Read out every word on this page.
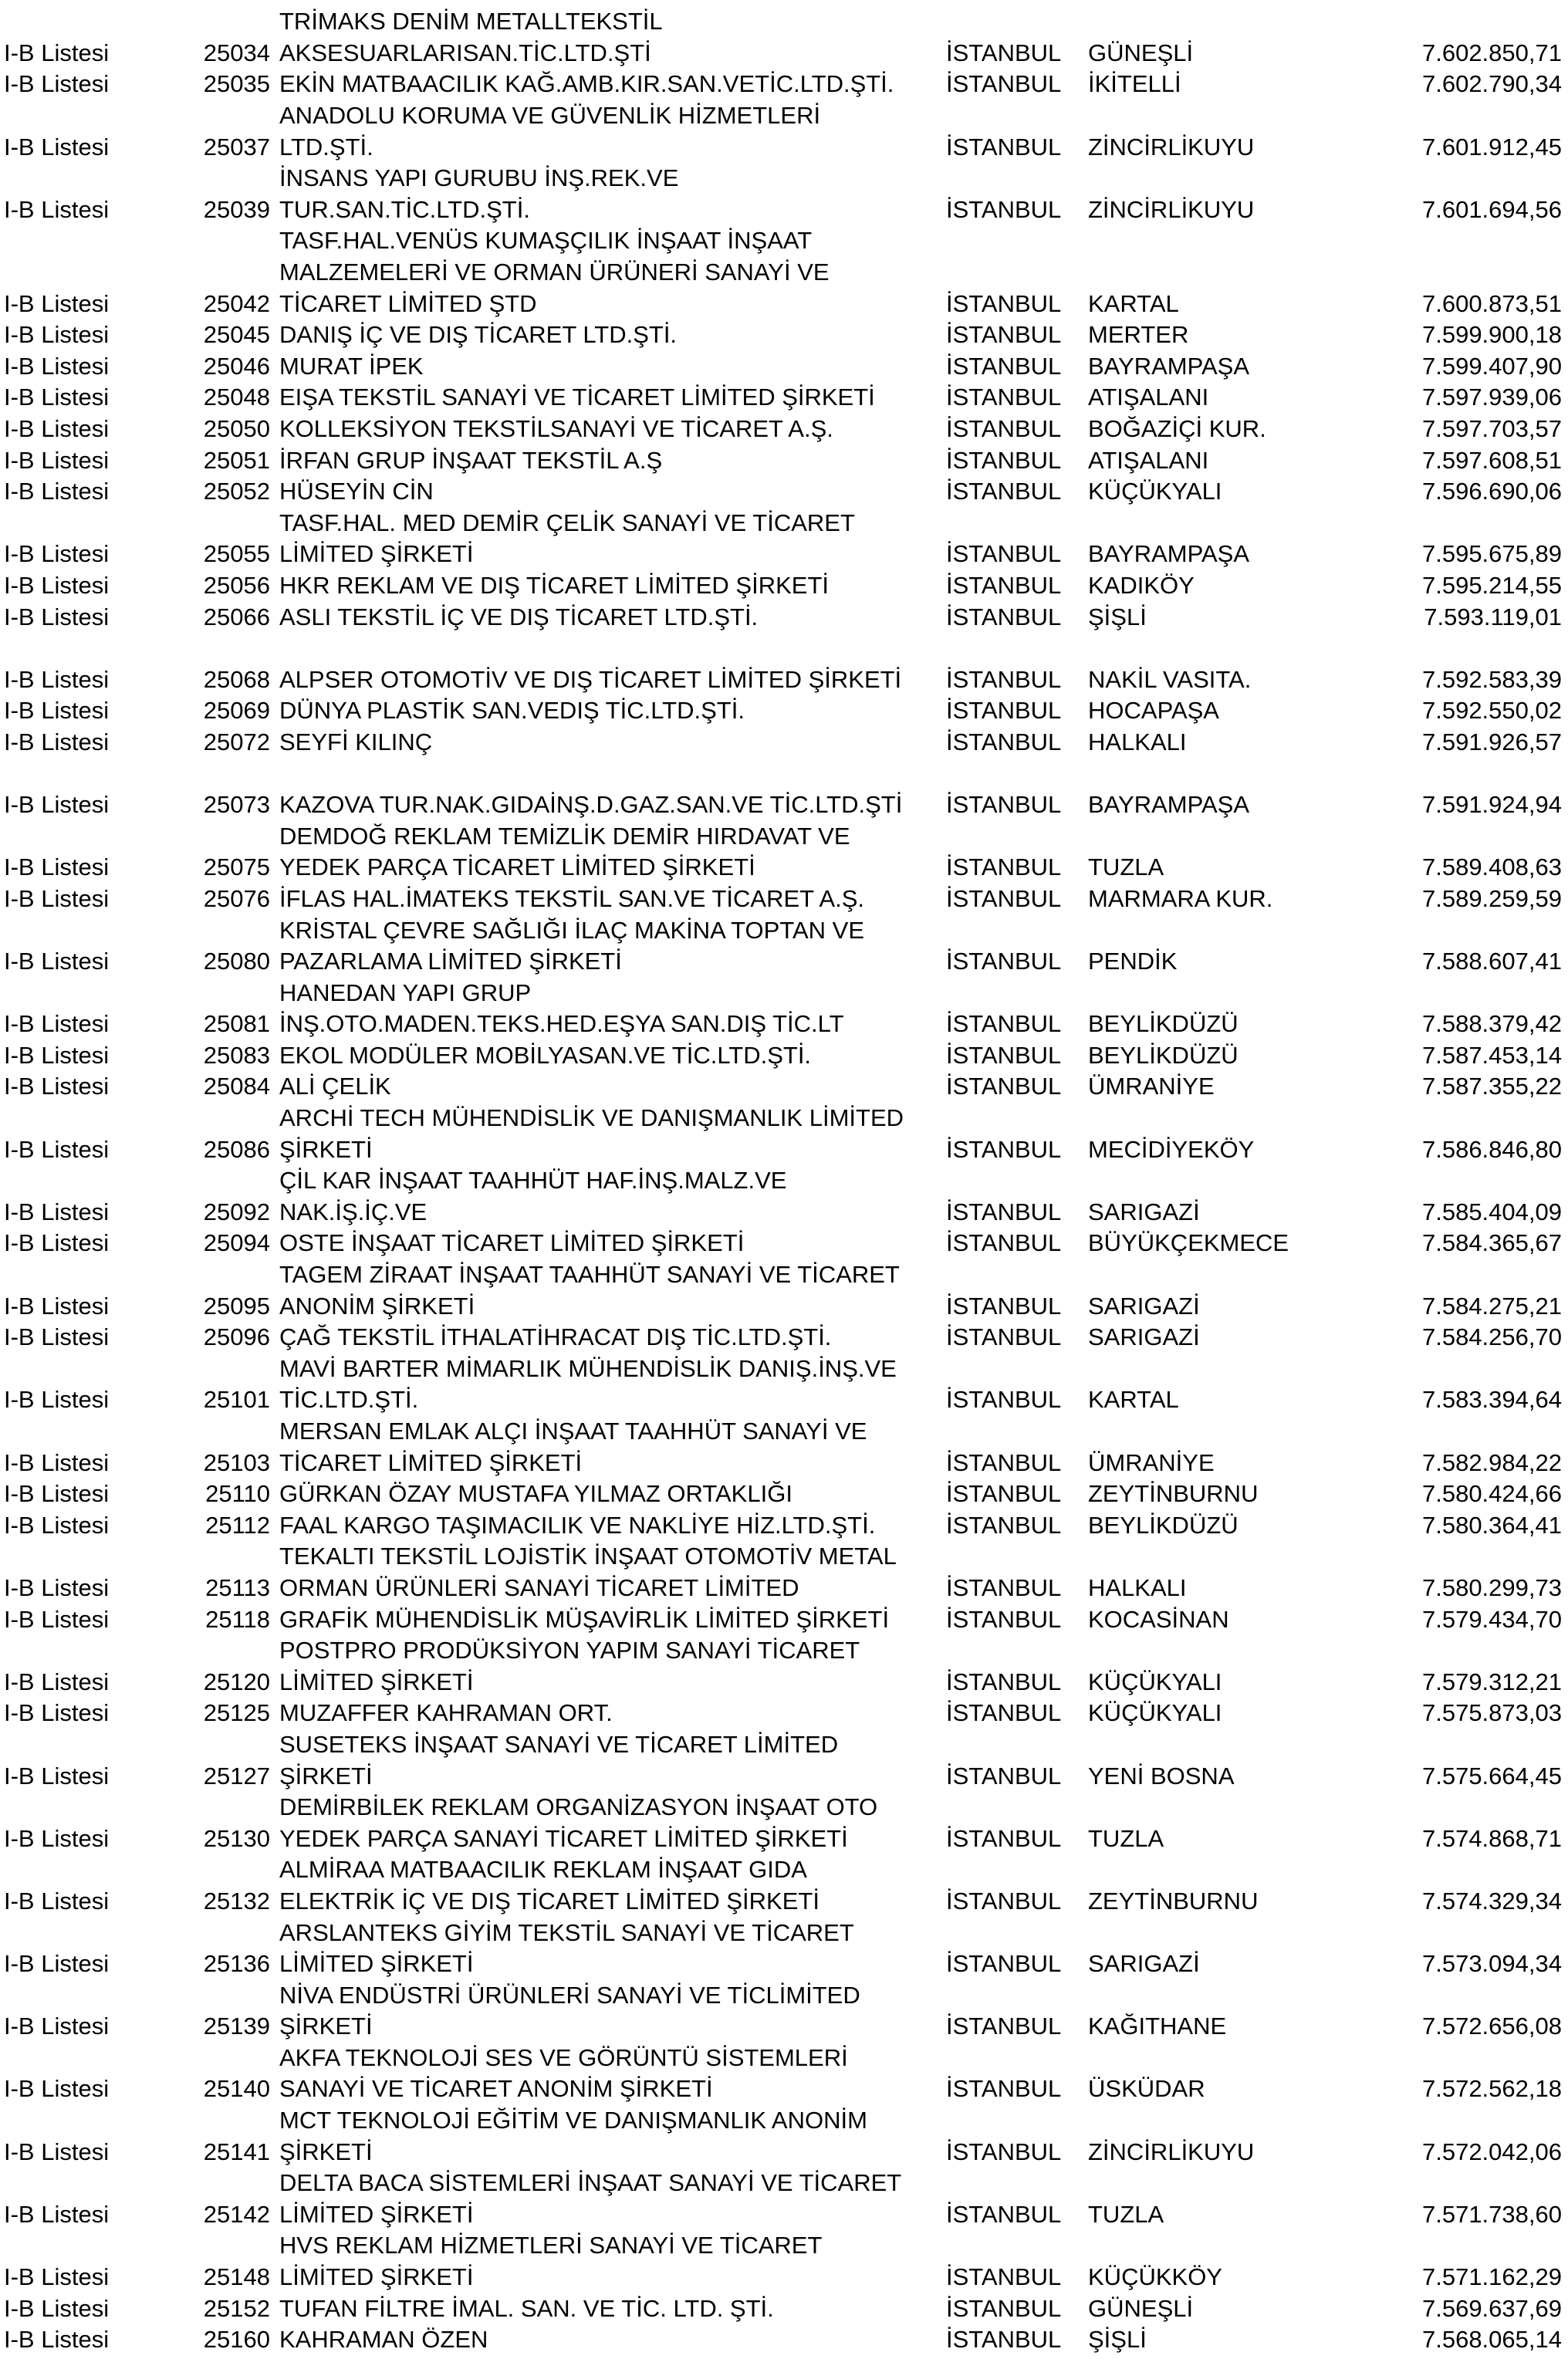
TRİMAKS DENİM METALLTEKSTİL
I-B Listesi	25034 AKSESUARLARISAN.TİC.LTD.ŞTİ	İSTANBUL	GÜNEŞLİ	7.602.850,71
I-B Listesi	25035 EKİN MATBAACILIK KAĞ.AMB.KIR.SAN.VETİC.LTD.ŞTİ.	İSTANBUL	İKİTELLİ	7.602.790,34
ANADOLU KORUMA VE GÜVENLİK HİZMETLERİ
I-B Listesi	25037 LTD.ŞTİ.	İSTANBUL	ZİNCİRLİKUYU	7.601.912,45
İNSANS YAPI GURUBU İNŞ.REK.VE
I-B Listesi	25039 TUR.SAN.TİC.LTD.ŞTİ.	İSTANBUL	ZİNCİRLİKUYU	7.601.694,56
TASF.HAL.VENÜS KUMAŞÇILIK İNŞAAT İNŞAAT
MALZEMELERİ VE ORMAN ÜRÜNERİ SANAYİ VE
I-B Listesi	25042 TİCARET LİMİTED ŞTD	İSTANBUL	KARTAL	7.600.873,51
I-B Listesi	25045 DANIŞ İÇ VE DIŞ TİCARET LTD.ŞTİ.	İSTANBUL	MERTER	7.599.900,18
I-B Listesi	25046 MURAT İPEK	İSTANBUL	BAYRAMPAŞA	7.599.407,90
I-B Listesi	25048 EIŞA TEKSTİL SANAYİ VE TİCARET LİMİTED ŞİRKETİ	İSTANBUL	ATIŞALANI	7.597.939,06
I-B Listesi	25050 KOLLEKSİYON TEKSTİLSANAYİ VE TİCARET A.Ş.	İSTANBUL	BOĞAZİÇİ KUR.	7.597.703,57
I-B Listesi	25051 İRFAN GRUP İNŞAAT TEKSTİL A.Ş	İSTANBUL	ATIŞALANI	7.597.608,51
I-B Listesi	25052 HÜSEYİN CİN	İSTANBUL	KÜÇÜKYALI	7.596.690,06
TASF.HAL. MED DEMİR ÇELİK SANAYİ VE TİCARET
I-B Listesi	25055 LİMİTED ŞİRKETİ	İSTANBUL	BAYRAMPAŞA	7.595.675,89
I-B Listesi	25056 HKR REKLAM VE DIŞ TİCARET LİMİTED ŞİRKETİ	İSTANBUL	KADIKÖY	7.595.214,55
I-B Listesi	25066 ASLI TEKSTİL İÇ VE DIŞ TİCARET LTD.ŞTİ.	İSTANBUL	ŞİŞLİ	7.593.119,01
I-B Listesi	25068 ALPSER OTOMOTİV VE DIŞ TİCARET LİMİTED ŞİRKETİ	İSTANBUL	NAKİL VASITA.	7.592.583,39
I-B Listesi	25069 DÜNYA PLASTİK SAN.VEDIŞ TİC.LTD.ŞTİ.	İSTANBUL	HOCAPAŞA	7.592.550,02
I-B Listesi	25072 SEYFİ KILINÇ	İSTANBUL	HALKALI	7.591.926,57
I-B Listesi	25073 KAZOVA TUR.NAK.GIDAİNŞ.D.GAZ.SAN.VE TİC.LTD.ŞTİ	İSTANBUL	BAYRAMPAŞA	7.591.924,94
DEMDOĞ REKLAM TEMİZLİK DEMİR HIRDAVAT VE
I-B Listesi	25075 YEDEK PARÇA TİCARET LİMİTED ŞİRKETİ	İSTANBUL	TUZLA	7.589.408,63
I-B Listesi	25076 İFLAS HAL.İMATEKS TEKSTİL SAN.VE TİCARET A.Ş.	İSTANBUL	MARMARA KUR.	7.589.259,59
KRİSTAL ÇEVRE SAĞLIĞI İLAÇ MAKİNA TOPTAN VE
I-B Listesi	25080 PAZARLAMA LİMİTED ŞİRKETİ	İSTANBUL	PENDİK	7.588.607,41
HANEDAN YAPI GRUP
I-B Listesi	25081 İNŞ.OTO.MADEN.TEKS.HED.EŞYA SAN.DIŞ TİC.LT	İSTANBUL	BEYLİKDÜZÜ	7.588.379,42
I-B Listesi	25083 EKOL MODÜLER MOBİLYASAN.VE TİC.LTD.ŞTİ.	İSTANBUL	BEYLİKDÜZÜ	7.587.453,14
I-B Listesi	25084 ALİ ÇELİK	İSTANBUL	ÜMRANİYE	7.587.355,22
ARCHİ TECH MÜHENDİSLİK VE DANIŞMANLIK LİMİTED
I-B Listesi	25086 ŞİRKETİ	İSTANBUL	MECİDİYEKÖY	7.586.846,80
ÇİL KAR İNŞAAT TAAHHÜT HAF.İNŞ.MALZ.VE
I-B Listesi	25092 NAK.İŞ.İÇ.VE	İSTANBUL	SARIGAZİ	7.585.404,09
I-B Listesi	25094 OSTE İNŞAAT TİCARET LİMİTED ŞİRKETİ	İSTANBUL	BÜYÜKÇEKMECE	7.584.365,67
TAGEM ZİRAAT İNŞAAT TAAHHÜT SANAYİ VE TİCARET
I-B Listesi	25095 ANONİM ŞİRKETİ	İSTANBUL	SARIGAZİ	7.584.275,21
I-B Listesi	25096 ÇAĞ TEKSTİL İTHALATİHRACAT DIŞ TİC.LTD.ŞTİ.	İSTANBUL	SARIGAZİ	7.584.256,70
MAVİ BARTER MİMARLIK MÜHENDİSLİK DANIŞ.İNŞ.VE
I-B Listesi	25101 TİC.LTD.ŞTİ.	İSTANBUL	KARTAL	7.583.394,64
MERSAN EMLAK ALÇI İNŞAAT TAAHHÜT SANAYİ VE
I-B Listesi	25103 TİCARET LİMİTED ŞİRKETİ	İSTANBUL	ÜMRANİYE	7.582.984,22
I-B Listesi	25110 GÜRKAN ÖZAY MUSTAFA YILMAZ ORTAKLIĞI	İSTANBUL	ZEYTİNBURNU	7.580.424,66
I-B Listesi	25112 FAAL KARGO TAŞIMACILIK VE NAKLİYE HİZ.LTD.ŞTİ.	İSTANBUL	BEYLİKDÜZÜ	7.580.364,41
TEKALTI TEKSTİL LOJİSTİK İNŞAAT OTOMOTİV METAL
I-B Listesi	25113 ORMAN ÜRÜNLERİ SANAYİ TİCARET LİMİTED	İSTANBUL	HALKALI	7.580.299,73
I-B Listesi	25118 GRAFİK MÜHENDİSLİK MÜŞAVİRLİK LİMİTED ŞİRKETİ	İSTANBUL	KOCASİNAN	7.579.434,70
POSTPRO PRODÜKSİYON YAPIM SANAYİ TİCARET
I-B Listesi	25120 LİMİTED ŞİRKETİ	İSTANBUL	KÜÇÜKYALI	7.579.312,21
I-B Listesi	25125 MUZAFFER KAHRAMAN ORT.	İSTANBUL	KÜÇÜKYALI	7.575.873,03
SUSETEKS İNŞAAT SANAYİ VE TİCARET LİMİTED
I-B Listesi	25127 ŞİRKETİ	İSTANBUL	YENİ BOSNA	7.575.664,45
DEMİRBİLEK REKLAM ORGANİZASYON İNŞAAT OTO
I-B Listesi	25130 YEDEK PARÇA SANAYİ TİCARET LİMİTED ŞİRKETİ	İSTANBUL	TUZLA	7.574.868,71
ALMİRAA MATBAACILIK REKLAM İNŞAAT GIDA
I-B Listesi	25132 ELEKTRİK İÇ VE DIŞ TİCARET LİMİTED ŞİRKETİ	İSTANBUL	ZEYTİNBURNU	7.574.329,34
ARSLANTEKS GİYİM TEKSTİL SANAYİ VE TİCARET
I-B Listesi	25136 LİMİTED ŞİRKETİ	İSTANBUL	SARIGAZİ	7.573.094,34
NİVA ENDÜSTRİ ÜRÜNLERİ SANAYİ VE TİCLİMİTED
I-B Listesi	25139 ŞİRKETİ	İSTANBUL	KAĞITHANE	7.572.656,08
AKFA TEKNOLOJİ SES VE GÖRÜNTÜ SİSTEMLERİ
I-B Listesi	25140 SANAYİ VE TİCARET ANONİM ŞİRKETİ	İSTANBUL	ÜSKÜDAR	7.572.562,18
MCT TEKNOLOJİ EĞİTİM VE DANIŞMANLIK ANONİM
I-B Listesi	25141 ŞİRKETİ	İSTANBUL	ZİNCİRLİKUYU	7.572.042,06
DELTA BACA SİSTEMLERİ İNŞAAT SANAYİ VE TİCARET
I-B Listesi	25142 LİMİTED ŞİRKETİ	İSTANBUL	TUZLA	7.571.738,60
HVS REKLAM HİZMETLERİ SANAYİ VE TİCARET
I-B Listesi	25148 LİMİTED ŞİRKETİ	İSTANBUL	KÜÇÜKKÖY	7.571.162,29
I-B Listesi	25152 TUFAN FİLTRE İMAL. SAN. VE TİC. LTD. ŞTİ.	İSTANBUL	GÜNEŞLİ	7.569.637,69
I-B Listesi	25160 KAHRAMAN ÖZEN	İSTANBUL	ŞİŞLİ	7.568.065,14
